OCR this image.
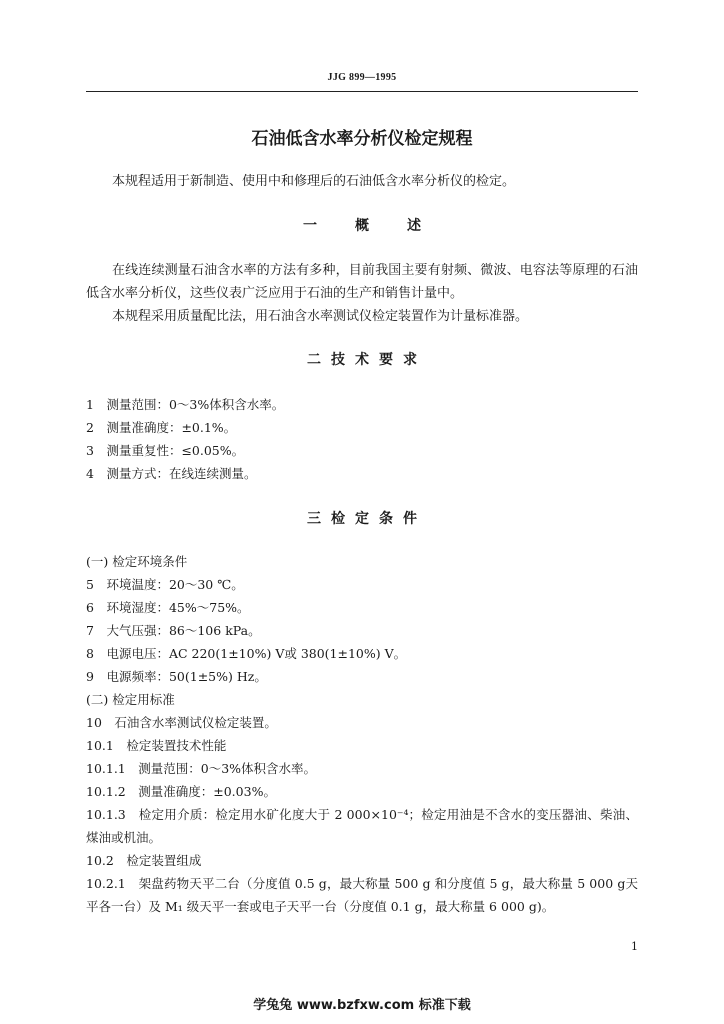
JJG 899—1995
石油低含水率分析仪检定规程
本规程适用于新制造、使用中和修理后的石油低含水率分析仪的检定。
一概述
在线连续测量石油含水率的方法有多种，目前我国主要有射频、微波、电容法等原理的石油低含水率分析仪，这些仪表广泛应用于石油的生产和销售计量中。
本规程采用质量配比法，用石油含水率测试仪检定装置作为计量标准器。
二技术要求
1　测量范围：0～3%体积含水率。
2　测量准确度：±0.1%。
3　测量重复性：≤0.05%。
4　测量方式：在线连续测量。
三检定条件
(一) 检定环境条件
5　环境温度：20～30 ℃。
6　环境湿度：45%～75%。
7　大气压强：86～106 kPa。
8　电源电压：AC 220(1±10%) V或 380(1±10%) V。
9　电源频率：50(1±5%) Hz。
(二) 检定用标准
10　石油含水率测试仪检定装置。
10.1　检定装置技术性能
10.1.1　测量范围：0～3%体积含水率。
10.1.2　测量准确度：±0.03%。
10.1.3　检定用介质：检定用水矿化度大于 2 000×10⁻⁴；检定用油是不含水的变压器油、柴油、煤油或机油。
10.2　检定装置组成
10.2.1　架盘药物天平二台（分度值 0.5 g，最大称量 500 g 和分度值 5 g，最大称量 5 000 g天平各一台）及 M₁ 级天平一套或电子天平一台（分度值 0.1 g，最大称量 6 000 g)。
1
学兔兔 www.bzfxw.com 标准下载
